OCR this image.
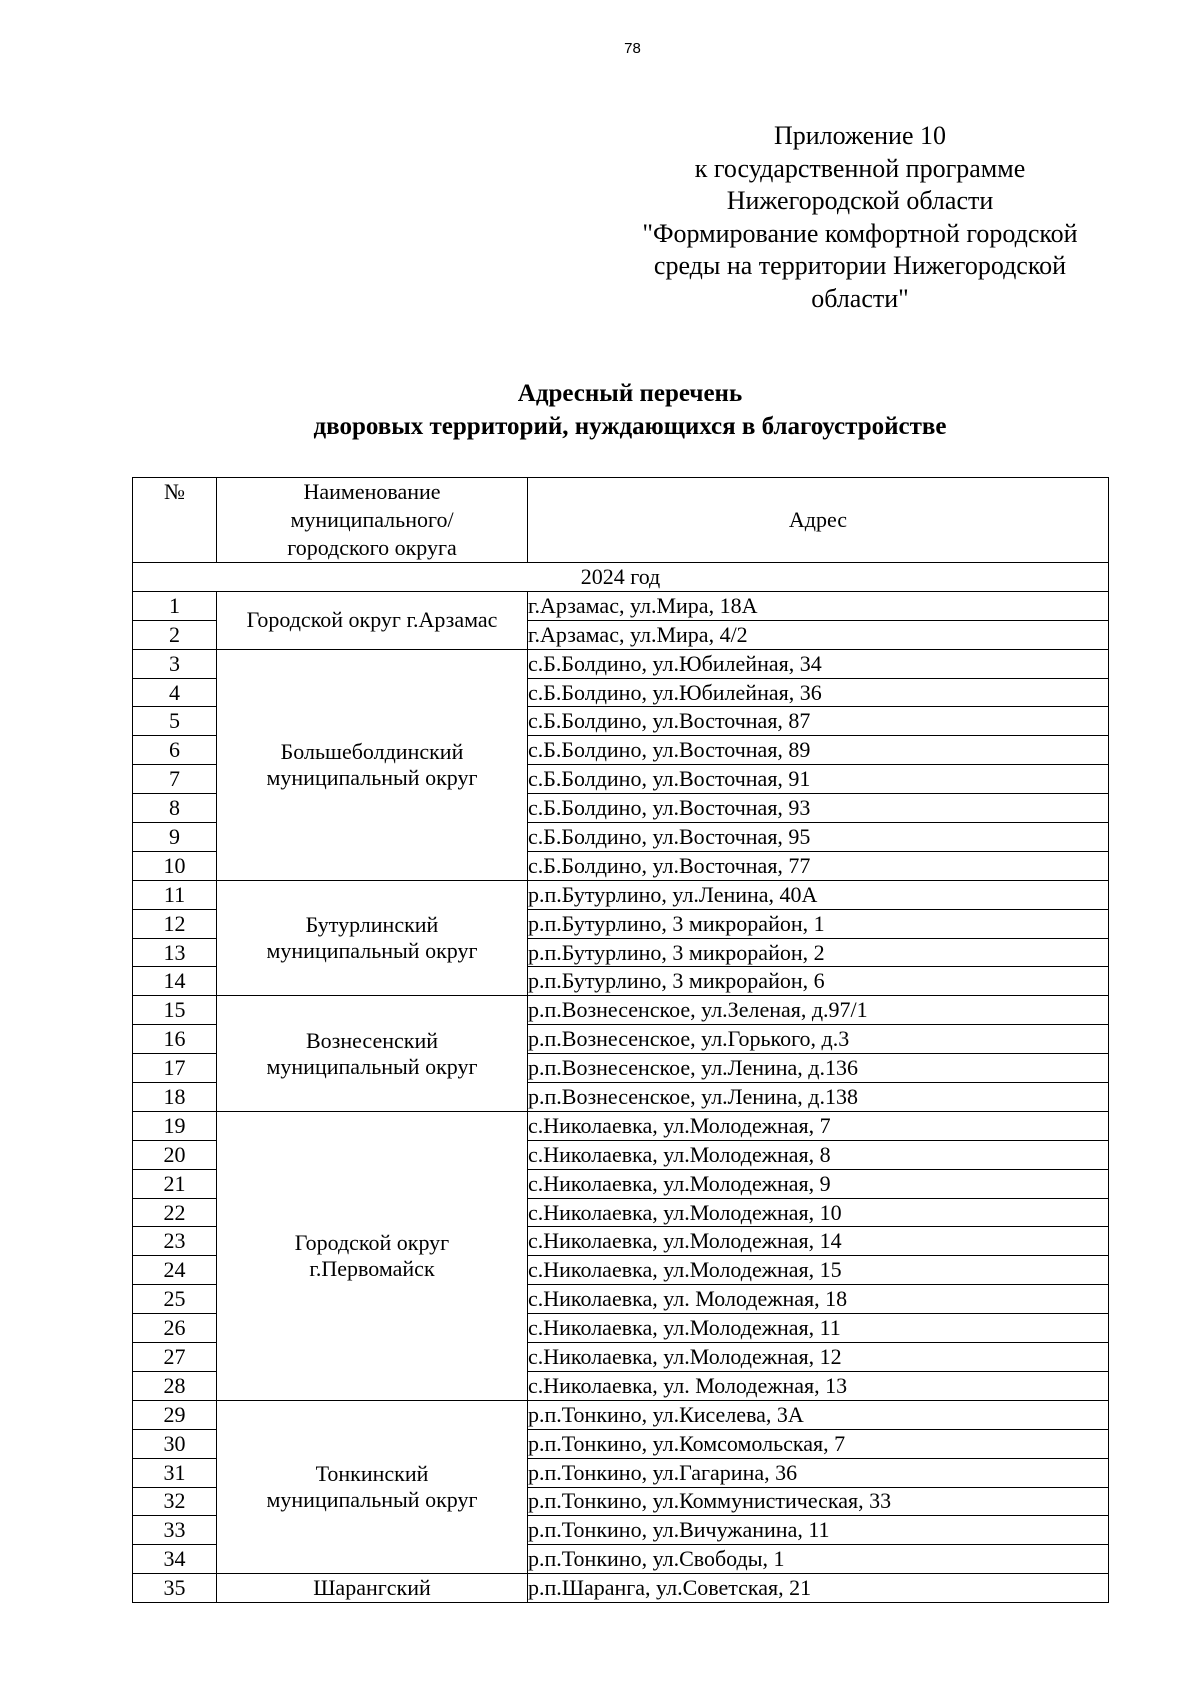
78
Приложение 10
к государственной программе
Нижегородской области
"Формирование комфортной городской
среды на территории Нижегородской
области"
Адресный перечень
дворовых территорий, нуждающихся в благоустройстве
№	Наименование
муниципального/
городского округа	Адрес
2024 год		
1	Городской округ г.Арзамас	г.Арзамас, ул.Мира, 18А
2		г.Арзамас, ул.Мира, 4/2
3	Большеболдинский
муниципальный округ	с.Б.Болдино, ул.Юбилейная, 34
4		с.Б.Болдино, ул.Юбилейная, 36
5		с.Б.Болдино, ул.Восточная, 87
6		с.Б.Болдино, ул.Восточная, 89
7		с.Б.Болдино, ул.Восточная, 91
8		с.Б.Болдино, ул.Восточная, 93
9		с.Б.Болдино, ул.Восточная, 95
10		с.Б.Болдино, ул.Восточная, 77
11	Бутурлинский
муниципальный округ	р.п.Бутурлино, ул.Ленина, 40А
12		р.п.Бутурлино, 3 микрорайон, 1
13		р.п.Бутурлино, 3 микрорайон, 2
14		р.п.Бутурлино, 3 микрорайон, 6
15	Вознесенский
муниципальный округ	р.п.Вознесенское, ул.Зеленая, д.97/1
16		р.п.Вознесенское, ул.Горького, д.3
17		р.п.Вознесенское, ул.Ленина, д.136
18		р.п.Вознесенское, ул.Ленина, д.138
19	Городской округ
г.Первомайск	с.Николаевка, ул.Молодежная, 7
20		с.Николаевка, ул.Молодежная, 8
21		с.Николаевка, ул.Молодежная, 9
22		с.Николаевка, ул.Молодежная, 10
23		с.Николаевка, ул.Молодежная, 14
24		с.Николаевка, ул.Молодежная, 15
25		с.Николаевка, ул. Молодежная, 18
26		с.Николаевка, ул.Молодежная, 11
27		с.Николаевка, ул.Молодежная, 12
28		с.Николаевка, ул. Молодежная, 13
29	Тонкинский
муниципальный округ	р.п.Тонкино, ул.Киселева, 3А
30		р.п.Тонкино, ул.Комсомольская, 7
31		р.п.Тонкино, ул.Гагарина, 36
32		р.п.Тонкино, ул.Коммунистическая, 33
33		р.п.Тонкино, ул.Вичужанина, 11
34		р.п.Тонкино, ул.Свободы, 1
35	Шарангский	р.п.Шаранга, ул.Советская, 21
